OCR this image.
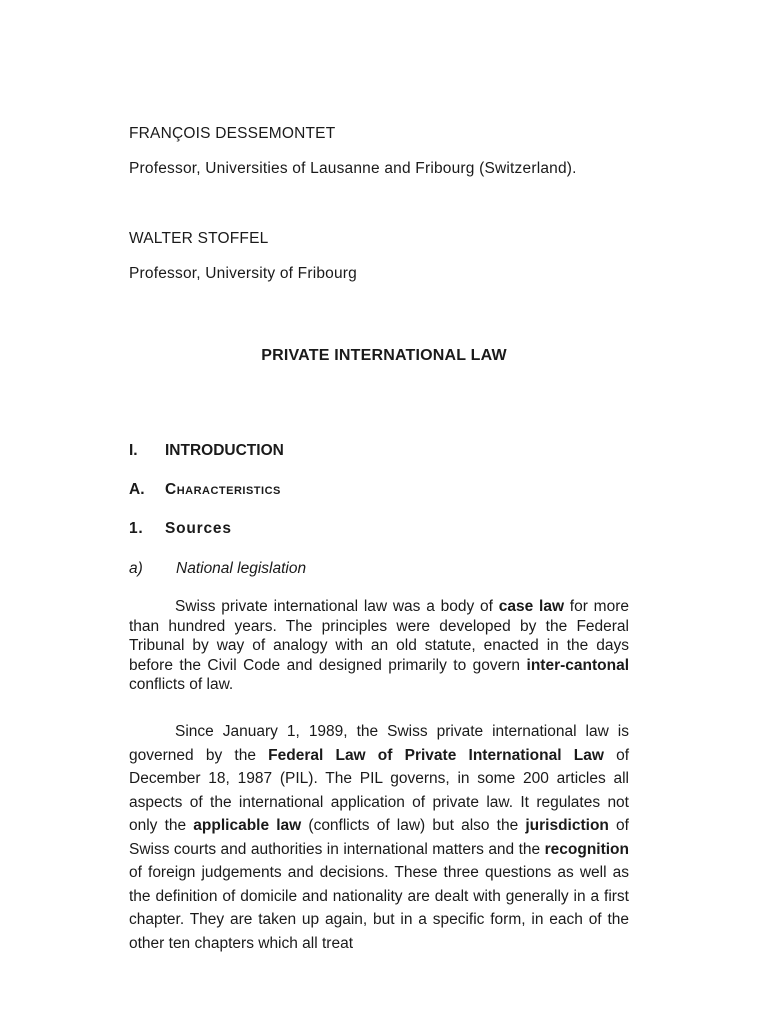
FRANÇOIS DESSEMONTET
Professor, Universities of Lausanne and Fribourg (Switzerland).
WALTER STOFFEL
Professor, University of Fribourg
PRIVATE INTERNATIONAL LAW
I. INTRODUCTION
A. Characteristics
1. Sources
a) National legislation
Swiss private international law was a body of case law for more than hundred years. The principles were developed by the Federal Tribunal by way of analogy with an old statute, enacted in the days before the Civil Code and designed primarily to govern inter-cantonal conflicts of law.
Since January 1, 1989, the Swiss private international law is governed by the Federal Law of Private International Law of December 18, 1987 (PIL). The PIL governs, in some 200 articles all aspects of the international application of private law. It regulates not only the applicable law (conflicts of law) but also the jurisdiction of Swiss courts and authorities in international matters and the recognition of foreign judgements and decisions. These three questions as well as the definition of domicile and nationality are dealt with generally in a first chapter. They are taken up again, but in a specific form, in each of the other ten chapters which all treat
